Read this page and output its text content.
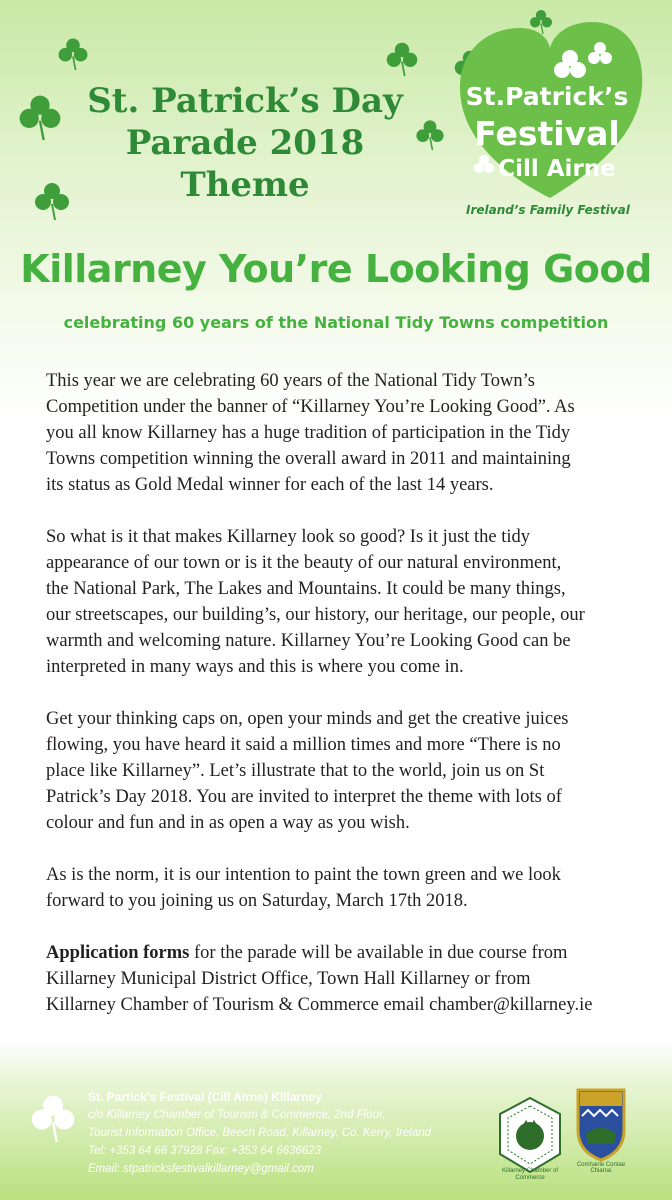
St. Patrick’s Day
Parade 2018
Theme
St.Patrick’s
Festival
Cill Airne
Ireland’s Family Festival
Killarney You’re Looking Good
celebrating 60 years of the National Tidy Towns competition

This year we are celebrating 60 years of the National Tidy Town’s
Competition under the banner of “Killarney You’re Looking Good”. As
you all know Killarney has a huge tradition of participation in the Tidy
Towns competition winning the overall award in 2011 and maintaining
its status as Gold Medal winner for each of the last 14 years.

So what is it that makes Killarney look so good? Is it just the tidy
appearance of our town or is it the beauty of our natural environment,
the National Park, The Lakes and Mountains. It could be many things,
our streetscapes, our building’s, our history, our heritage, our people, our
warmth and welcoming nature. Killarney You’re Looking Good can be
interpreted in many ways and this is where you come in.

Get your thinking caps on, open your minds and get the creative juices
flowing, you have heard it said a million times and more “There is no
place like Killarney”. Let’s illustrate that to the world, join us on St
Patrick’s Day 2018. You are invited to interpret the theme with lots of
colour and fun and in as open a way as you wish.

As is the norm, it is our intention to paint the town green and we look
forward to you joining us on Saturday, March 17th 2018.

Application forms for the parade will be available in due course from
Killarney Municipal District Office, Town Hall Killarney or from
Killarney Chamber of Tourism & Commerce email chamber@killarney.ie

St. Partick’s Festival (Cill Airne) Killarney
c/o Killarney Chamber of Tourism & Commerce, 2nd Floor,
Tourist Information Office, Beech Road, Killarney, Co. Kerry, Ireland
Tel: +353 64 66 37928 Fax: +353 64 6636623
Email: stpatricksfestivalkillarney@gmail.com	Killarney Chamber of Commerce
Comhairle Contae Chiarraí
